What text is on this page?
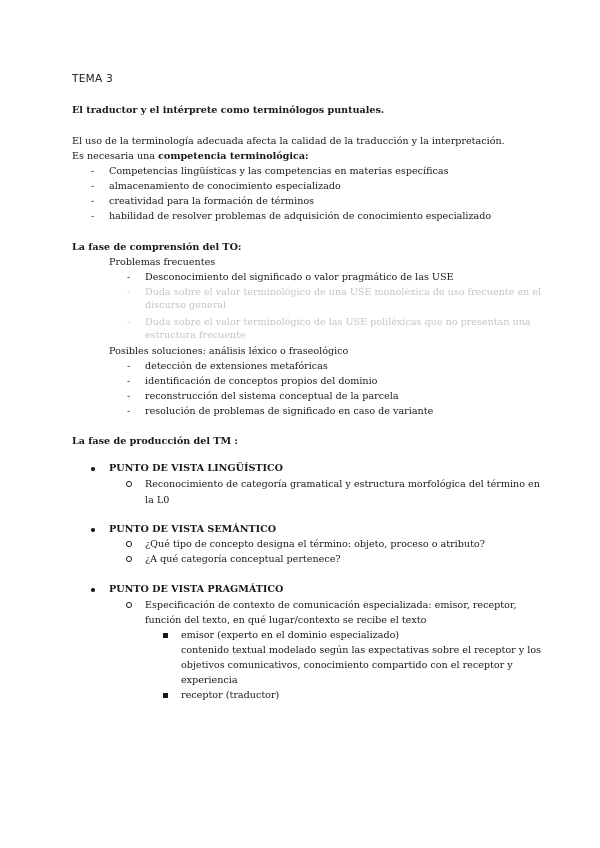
TEMA 3
El traductor y el intérprete como terminólogos puntuales.
El uso de la terminología adecuada afecta la calidad de la traducción y la interpretación.
Es necesaria una competencia terminológica:
- Competencias lingüísticas y las competencias en materias específicas
- almacenamiento de conocimiento especializado
- creatividad para la formación de términos
- habilidad de resolver problemas de adquisición de conocimiento especializado
La fase de comprensión del TO:
Problemas frecuentes
- Desconocimiento del significado o valor pragmático de las USE
- Duda sobre el valor terminológico de una USE monoléxica de uso frecuente en el
discurso general
- Duda sobre el valor terminológico de las USE poliléxicas que no presentan una
estructura frecuente
Posibles soluciones: análisis léxico o fraseológico
- detección de extensiones metafóricas
- identificación de conceptos propios del dominio
- reconstrucción del sistema conceptual de la parcela
- resolución de problemas de significado en caso de variante
La fase de producción del TM :
PUNTO DE VISTA LINGÜÍSTICO
Reconocimiento de categoría gramatical y estructura morfológica del término en
la L0
PUNTO DE VISTA SEMÁNTICO
¿Qué tipo de concepto designa el término: objeto, proceso o atributo?
¿A qué categoría conceptual pertenece?
PUNTO DE VISTA PRAGMÁTICO
Especificación de contexto de comunicación especializada: emisor, receptor,
función del texto, en qué lugar/contexto se recibe el texto
emisor (experto en el dominio especializado)
contenido textual modelado según las expectativas sobre el receptor y los
objetivos comunicativos, conocimiento compartido con el receptor y
experiencia
receptor (traductor)
